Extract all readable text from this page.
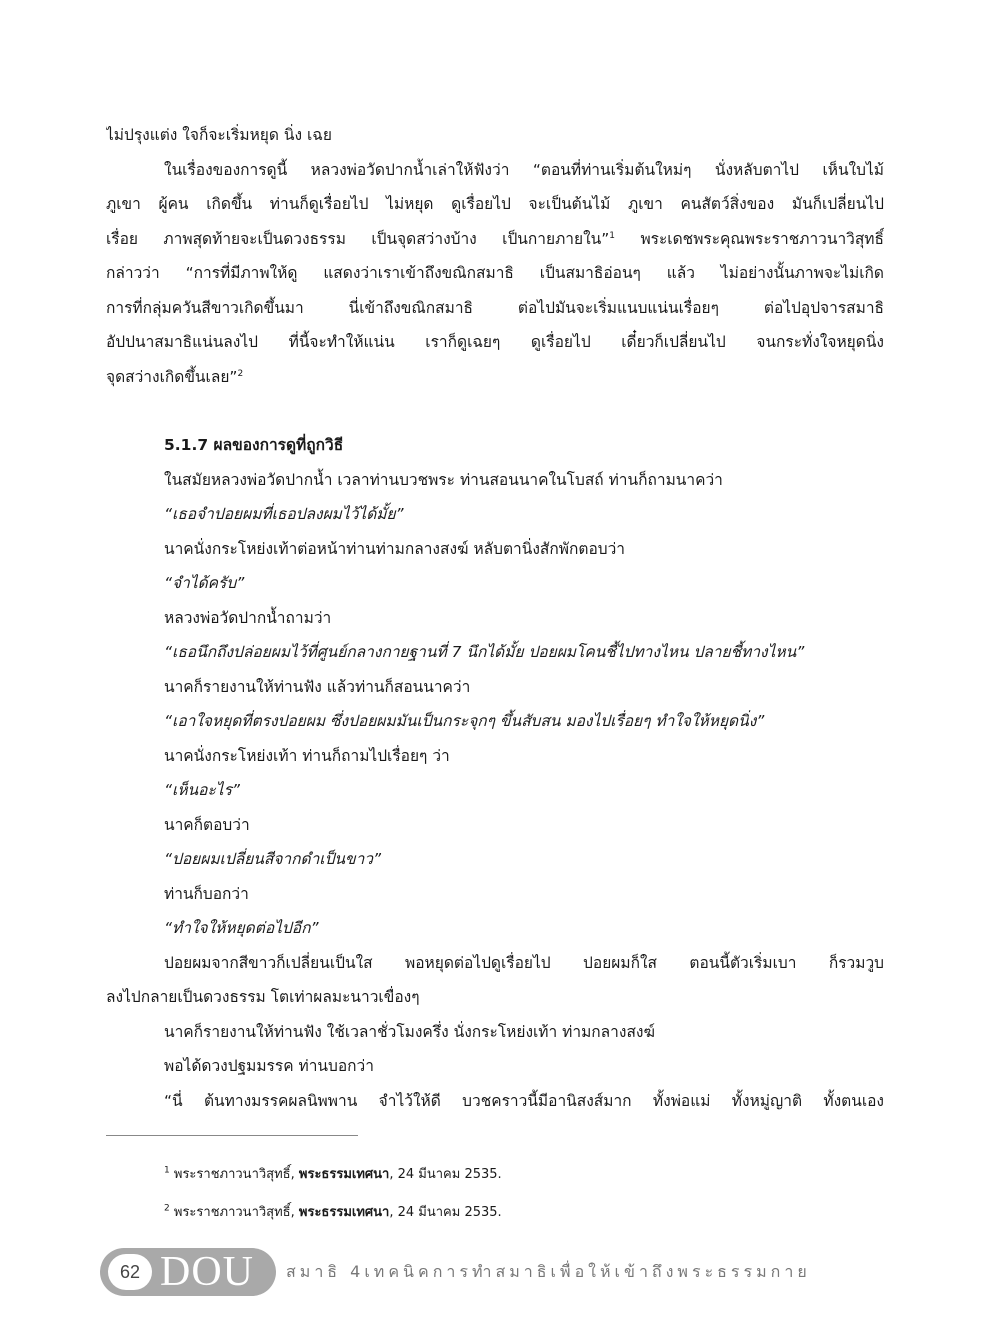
ไม่ปรุงแต่ง ใจก็จะเริ่มหยุด นิ่ง เฉย
ในเรื่องของการดูนี้ หลวงพ่อวัดปากน้ำเล่าให้ฟังว่า “ตอนที่ท่านเริ่มต้นใหม่ๆ นั่งหลับตาไป เห็นใบไม้
ภูเขา ผู้คน เกิดขึ้น ท่านก็ดูเรื่อยไป ไม่หยุด ดูเรื่อยไป จะเป็นต้นไม้ ภูเขา คนสัตว์สิ่งของ มันก็เปลี่ยนไป
เรื่อย ภาพสุดท้ายจะเป็นดวงธรรม เป็นจุดสว่างบ้าง เป็นกายภายใน”$^1$ พระเดชพระคุณพระราชภาวนาวิสุทธิ์
กล่าวว่า “การที่มีภาพให้ดู แสดงว่าเราเข้าถึงขณิกสมาธิ เป็นสมาธิอ่อนๆ แล้ว ไม่อย่างนั้นภาพจะไม่เกิด
การที่กลุ่มควันสีขาวเกิดขึ้นมา นี่เข้าถึงขณิกสมาธิ ต่อไปมันจะเริ่มแนบแน่นเรื่อยๆ ต่อไปอุปจารสมาธิ
อัปปนาสมาธิแน่นลงไป ที่นี้จะทำให้แน่น เราก็ดูเฉยๆ ดูเรื่อยไป เดี๋ยวก็เปลี่ยนไป จนกระทั่งใจหยุดนิ่ง
จุดสว่างเกิดขึ้นเลย”$^2$
5.1.7 ผลของการดูที่ถูกวิธี
ในสมัยหลวงพ่อวัดปากน้ำ เวลาท่านบวชพระ ท่านสอนนาคในโบสถ์ ท่านก็ถามนาคว่า
“เธอจำปอยผมที่เธอปลงผมไว้ได้มั้ย”
นาคนั่งกระโหย่งเท้าต่อหน้าท่านท่ามกลางสงฆ์ หลับตานิ่งสักพักตอบว่า
“จำได้ครับ”
หลวงพ่อวัดปากน้ำถามว่า
“เธอนึกถึงปล่อยผมไว้ที่ศูนย์กลางกายฐานที่ 7 นึกได้มั้ย ปอยผมโคนชี้ไปทางไหน ปลายชี้ทางไหน”
นาคก็รายงานให้ท่านฟัง แล้วท่านก็สอนนาคว่า
“เอาใจหยุดที่ตรงปอยผม ซึ่งปอยผมมันเป็นกระจุกๆ ขึ้นสับสน มองไปเรื่อยๆ ทำใจให้หยุดนิ่ง”
นาคนั่งกระโหย่งเท้า ท่านก็ถามไปเรื่อยๆ ว่า
“เห็นอะไร”
นาคก็ตอบว่า
“ปอยผมเปลี่ยนสีจากดำเป็นขาว”
ท่านก็บอกว่า
“ทำใจให้หยุดต่อไปอีก”
ปอยผมจากสีขาวก็เปลี่ยนเป็นใส พอหยุดต่อไปดูเรื่อยไป ปอยผมก็ใส ตอนนี้ตัวเริ่มเบา ก็รวมวูบ
ลงไปกลายเป็นดวงธรรม โตเท่าผลมะนาวเขื่องๆ
นาคก็รายงานให้ท่านฟัง ใช้เวลาชั่วโมงครึ่ง นั่งกระโหย่งเท้า ท่ามกลางสงฆ์
พอได้ดวงปฐมมรรค ท่านบอกว่า
“นี่ ต้นทางมรรคผลนิพพาน จำไว้ให้ดี บวชคราวนี้มีอานิสงส์มาก ทั้งพ่อแม่ ทั้งหมู่ญาติ ทั้งตนเอง
$^1$ พระราชภาวนาวิสุทธิ์, พระธรรมเทศนา, 24 มีนาคม 2535.
$^2$ พระราชภาวนาวิสุทธิ์, พระธรรมเทศนา, 24 มีนาคม 2535.
62 DOU สมาธิ 4เทคนิคการทำสมาธิเพื่อให้เข้าถึงพระธรรมกาย
